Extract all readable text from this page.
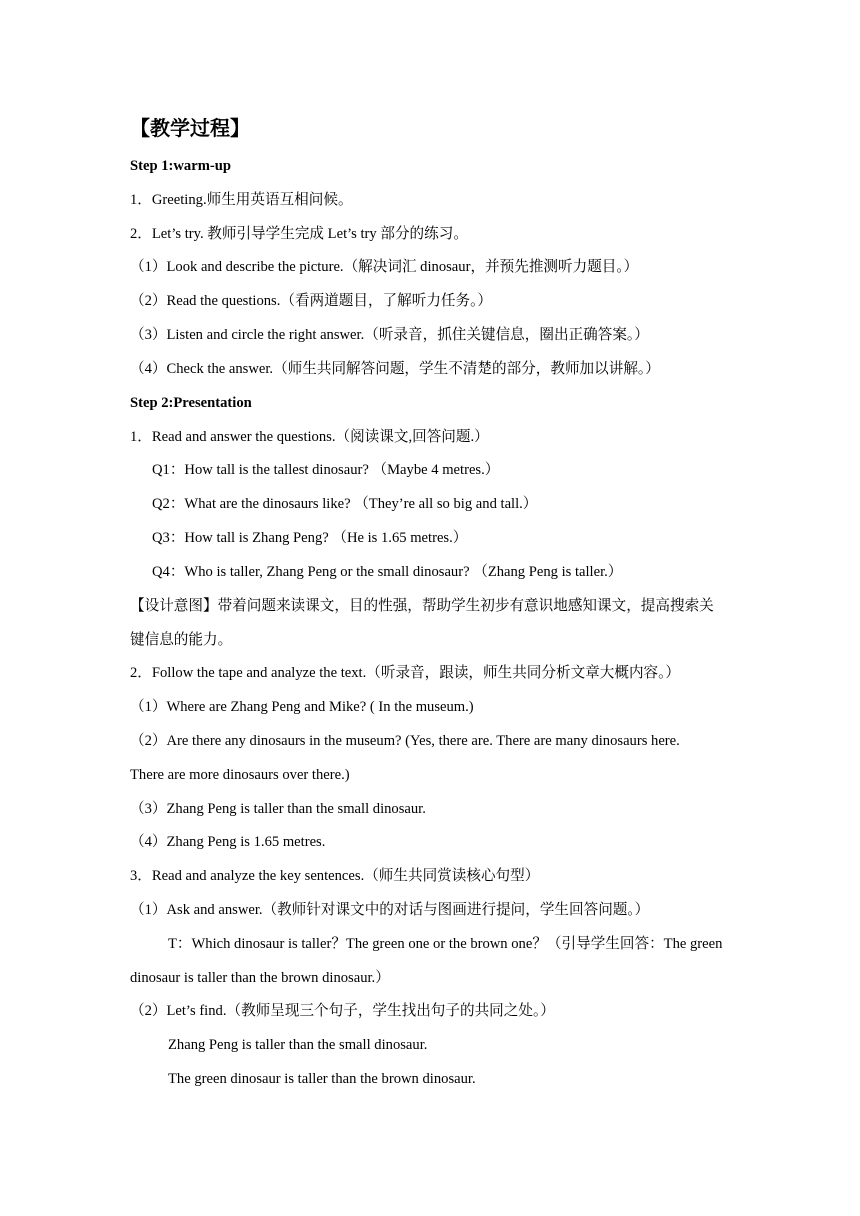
【教学过程】
Step 1:warm-up
1．Greeting.师生用英语互相问候。
2．Let’s try. 教师引导学生完成 Let’s try 部分的练习。
（1）Look and describe the picture.（解决词汇 dinosaur，并预先推测听力题目。）
（2）Read the questions.（看两道题目，了解听力任务。）
（3）Listen and circle the right answer.（听录音，抓住关键信息，圈出正确答案。）
（4）Check the answer.（师生共同解答问题，学生不清楚的部分，教师加以讲解。）
Step 2:Presentation
1．Read and answer the questions.（阅读课文,回答问题.）
Q1：How tall is the tallest dinosaur? （Maybe 4 metres.）
Q2：What are the dinosaurs like? （They’re all so big and tall.）
Q3：How tall is Zhang Peng? （He is 1.65 metres.）
Q4：Who is taller, Zhang Peng or the small dinosaur? （Zhang Peng is taller.）
【设计意图】带着问题来读课文，目的性强，帮助学生初步有意识地感知课文，提高搜索关
键信息的能力。
2．Follow the tape and analyze the text.（听录音，跟读，师生共同分析文章大概内容。）
（1）Where are Zhang Peng and Mike? ( In the museum.)
（2）Are there any dinosaurs in the museum? (Yes, there are. There are many dinosaurs here.
There are more dinosaurs over there.)
（3）Zhang Peng is taller than the small dinosaur.
（4）Zhang Peng is 1.65 metres.
3．Read and analyze the key sentences.（师生共同赏读核心句型）
（1）Ask and answer.（教师针对课文中的对话与图画进行提问，学生回答问题。）
T：Which dinosaur is taller？The green one or the brown one？（引导学生回答：The green
dinosaur is taller than the brown dinosaur.）
（2）Let’s find.（教师呈现三个句子，学生找出句子的共同之处。）
Zhang Peng is taller than the small dinosaur.
The green dinosaur is taller than the brown dinosaur.
